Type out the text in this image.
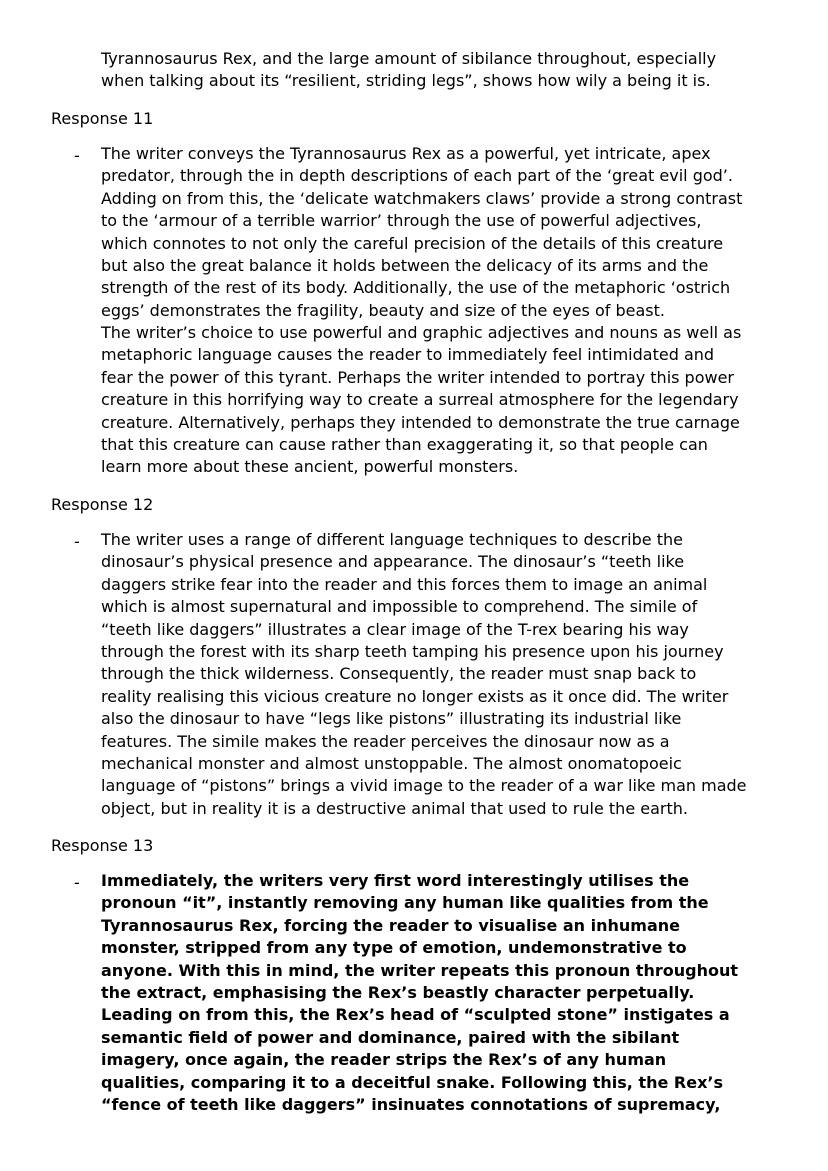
Tyrannosaurus Rex, and the large amount of sibilance throughout, especially
when talking about its “resilient, striding legs”, shows how wily a being it is.

Response 11

- The writer conveys the Tyrannosaurus Rex as a powerful, yet intricate, apex
predator, through the in depth descriptions of each part of the ‘great evil god’.
Adding on from this, the ‘delicate watchmakers claws’ provide a strong contrast
to the ‘armour of a terrible warrior’ through the use of powerful adjectives,
which connotes to not only the careful precision of the details of this creature
but also the great balance it holds between the delicacy of its arms and the
strength of the rest of its body. Additionally, the use of the metaphoric ‘ostrich
eggs’ demonstrates the fragility, beauty and size of the eyes of beast.

The writer’s choice to use powerful and graphic adjectives and nouns as well as
metaphoric language causes the reader to immediately feel intimidated and
fear the power of this tyrant. Perhaps the writer intended to portray this power
creature in this horrifying way to create a surreal atmosphere for the legendary
creature. Alternatively, perhaps they intended to demonstrate the true carnage
that this creature can cause rather than exaggerating it, so that people can
learn more about these ancient, powerful monsters.

Response 12

- The writer uses a range of different language techniques to describe the
dinosaur’s physical presence and appearance. The dinosaur’s “teeth like
daggers strike fear into the reader and this forces them to image an animal
which is almost supernatural and impossible to comprehend. The simile of
“teeth like daggers” illustrates a clear image of the T-rex bearing his way
through the forest with its sharp teeth tamping his presence upon his journey
through the thick wilderness. Consequently, the reader must snap back to
reality realising this vicious creature no longer exists as it once did. The writer
also the dinosaur to have “legs like pistons” illustrating its industrial like
features. The simile makes the reader perceives the dinosaur now as a
mechanical monster and almost unstoppable. The almost onomatopoeic
language of “pistons” brings a vivid image to the reader of a war like man made
object, but in reality it is a destructive animal that used to rule the earth.

Response 13

- Immediately, the writers very first word interestingly utilises the
pronoun “it”, instantly removing any human like qualities from the
Tyrannosaurus Rex, forcing the reader to visualise an inhumane
monster, stripped from any type of emotion, undemonstrative to
anyone. With this in mind, the writer repeats this pronoun throughout
the extract, emphasising the Rex’s beastly character perpetually.
Leading on from this, the Rex’s head of “sculpted stone” instigates a
semantic field of power and dominance, paired with the sibilant
imagery, once again, the reader strips the Rex’s of any human
qualities, comparing it to a deceitful snake. Following this, the Rex’s
“fence of teeth like daggers” insinuates connotations of supremacy,
